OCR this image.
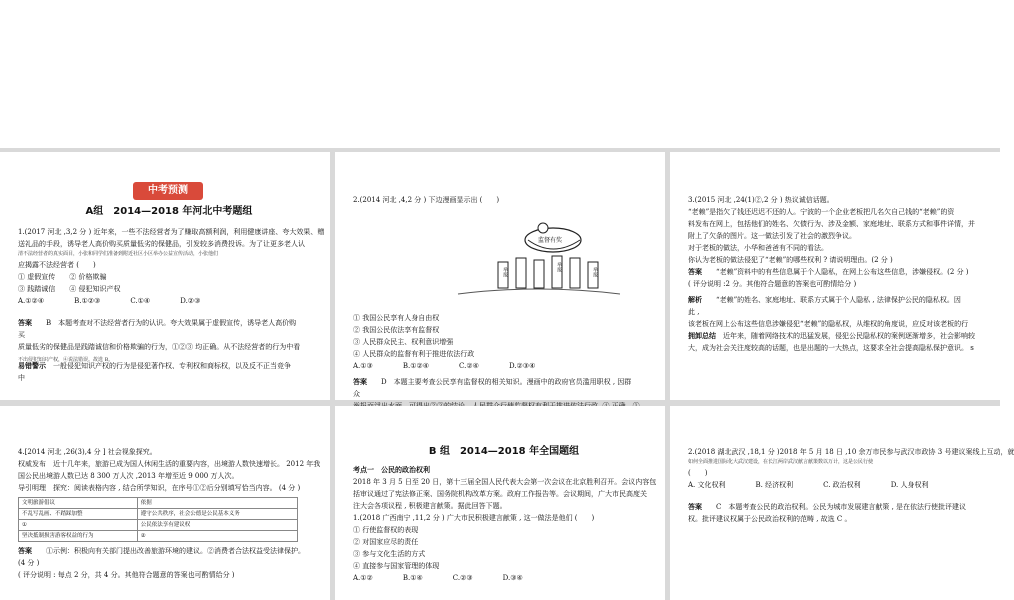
中考预测

A组　2014—2018 年河北中考题组

1.(2017 河北 ,3,2 分 ) 近年来，一些不法经营者为了赚取高额利润，利用健康讲座、夸大效果、赠

送礼品的手段，诱导老人高价购买质量低劣的保健品，引发较多消费投诉。为了让更多老人认

清不法经营者的真实面目，小张和同学们准备到附近社区小区举办公益宣传活动，小张他们

应揭露不法经营者 (　　)

① 虚假宣传　　② 价格欺骗

③ 践踏诚信　　④ 侵犯知识产权

A.①②④	B.①②③	C.①④	D.②③

答案 B　本题考查对不法经营者行为的认识。夸大效果属于虚假宣传，诱导老人高价购

买

质量低劣的保健品是践踏诚信和价格欺骗的行为，①②③ 均正确。从不法经营者的行为中看

不出侵犯知识产权，④说法错误。故选 B。

易错警示　 一般侵犯知识产权的行为是侵犯著作权、专利权和商标权，以及反不正当竞争

中

2.(2014 河北 ,4,2 分 ) 下边漫画显示出 (　　)

监督有奖
举报	举报	举报

① 我国公民享有人身自由权

② 我国公民依法享有监督权

③ 人民群众民主、权利意识增强

④ 人民群众的监督有利于推进依法行政

A.①③	B.①②④	C.②④	D.②③④

答案 D　本题主要考查公民享有监督权的相关知识。漫画中的政府官员滥用职权 , 因群

众

3.(2015 河北 ,24(1)②,2 分 ) 热议诚信话题。

“老赖”是指欠了钱还迟迟不还的人。宁波的一个企业老板把几名欠自己钱的“老赖”的资

料发布在网上，包括他们的姓名、欠债行为、涉及金额、家庭地址、联系方式和事件详情，并

附上了欠条的图片。这一做法引发了社会的激烈争议。

对于老板的做法，小华和爸爸有不同的看法。

你认为老板的做法侵犯了“老赖”的哪些权利 ? 请说明理由。(2 分 )

答案 “老赖”资料中的有些信息属于个人隐私，在网上公布这些信息，涉嫌侵权。(2 分 )

( 评分说明 :2 分。其他符合题意的答案也可酌情给分 )

解析 “老赖”的姓名、家庭地址、联系方式属于个人隐私 , 法律保护公民的隐私权。因

此 ,

该老板在网上公布这些信息涉嫌侵犯“老赖”的隐私权，从维权的角度说，应反对该老板的行

拥卸总结　 近年来，随着网络技术的迅猛发展，侵犯公民隐私权的案例逐渐增多，社会影响较

大，成为社会关注度较高的话题，也是出题的一大热点，这要求全社会提高隐私保护意识。 s

4.[2014 河北 ,26(3),4 分 ] 社会视象探究。

权威发布　近十几年来，旅游已成为国人休闲生活的重要内容，出境游人数快速增长。 2012 年我

国公民出境游人数已达 8 300 万人次 ,2013 年增至近 9 000 万人次。

导引明理　探究：阅读表格内容 , 结合所学知识，在序号①②后分别填写恰当内容。 (4 分 )

文明旅游倡议	依据
不乱写乱画、不踏踩加整	遵守公共秩序，社会公德是公民基本义务
①	公民依法享有建议权
坚决抵制损害游客权益的行为	②

答案 ①示例：积极向有关部门提出改善旅游环境的建议。②消费者合法权益受法律保护。

(4 分 )

( 评分说明 : 每点 2 分，共 4 分。其他符合题意的答案也可酌情给分 )

B 组　2014—2018 年全国题组

考点一　公民的政治权利

2018 年 3 月 5 日至 20 日，第十三届全国人民代表大会第一次会议在北京胜利召开。会议内容包

括审议通过了宪法修正案、国务院机构改革方案。政府工作报告等。会议期间，广大市民高度关

注大会各项议程 , 积极建言献策。据此回答下题。

1.(2018 广西南宁 ,11,2 分 ) 广大市民积极建言献策 , 这一做法是他们 (　　)

① 行使监督权的表现

② 对国家应尽的责任

③ 参与文化生活的方式

④ 直接参与国家管理的体现

A.①②	B.①④	C.②③	D.③④

2.(2018 湖北武汉 ,18,1 分 )2018 年 5 月 18 日 ,10 余万市民参与武汉市政协 3 号建议案线上互动，就

如何全面推进国际化大武汉建设，在长江两岸武汉献言献策数以万计，这是公民行使

(　　)

A. 文化权利	B. 经济权利	C. 政治权利	D. 人身权利

答案 C　本题考查公民的政治权利。公民为城市发展建言献策 , 是在依法行使批评建议

权。批评建议权属于公民政治权利的范畴 , 故选 C 。
